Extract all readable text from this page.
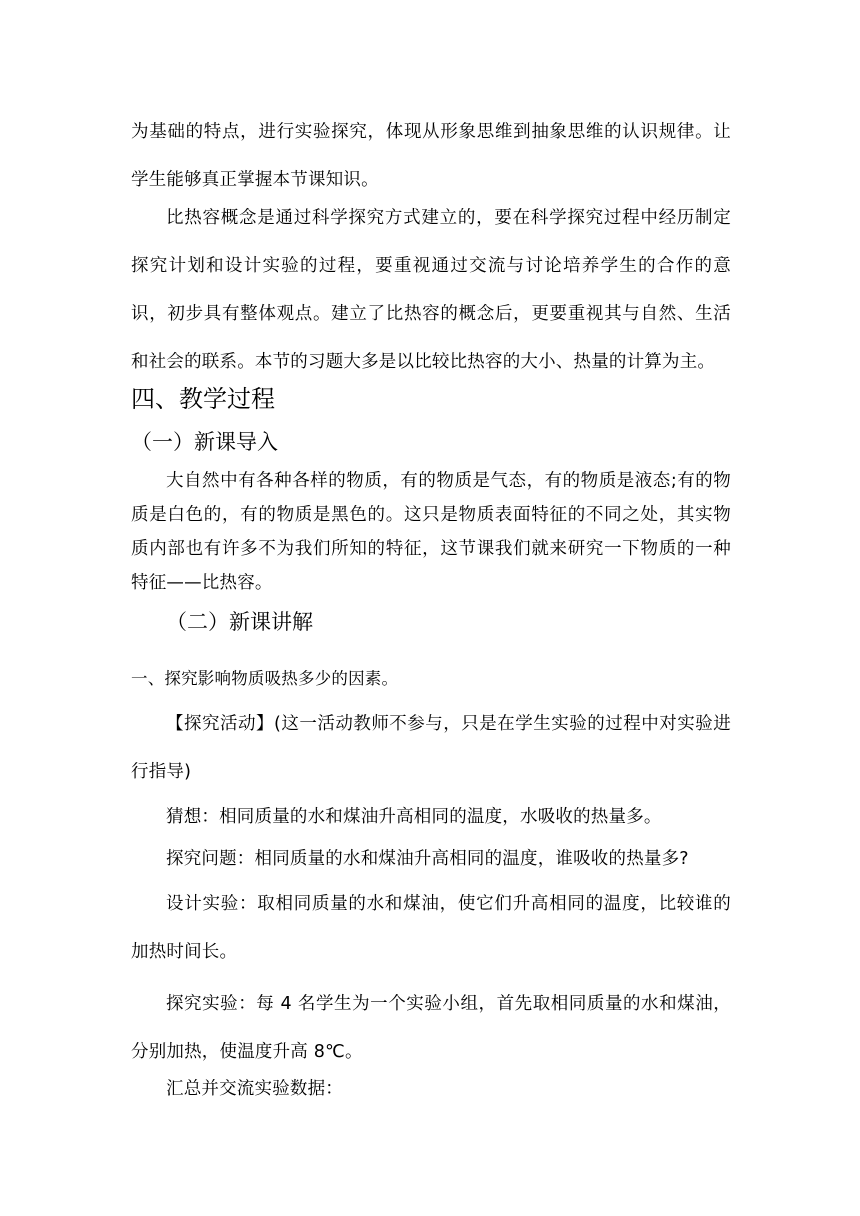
为基础的特点，进行实验探究，体现从形象思维到抽象思维的认识规律。让学生能够真正掌握本节课知识。

比热容概念是通过科学探究方式建立的，要在科学探究过程中经历制定探究计划和设计实验的过程，要重视通过交流与讨论培养学生的合作的意识，初步具有整体观点。建立了比热容的概念后，更要重视其与自然、生活和社会的联系。本节的习题大多是以比较比热容的大小、热量的计算为主。

四、教学过程
（一）新课导入

大自然中有各种各样的物质，有的物质是气态，有的物质是液态;有的物质是白色的，有的物质是黑色的。这只是物质表面特征的不同之处，其实物质内部也有许多不为我们所知的特征，这节课我们就来研究一下物质的一种特征——比热容。

（二）新课讲解

一、探究影响物质吸热多少的因素。

【探究活动】(这一活动教师不参与，只是在学生实验的过程中对实验进行指导)

猜想：相同质量的水和煤油升高相同的温度，水吸收的热量多。

探究问题：相同质量的水和煤油升高相同的温度，谁吸收的热量多?

设计实验：取相同质量的水和煤油，使它们升高相同的温度，比较谁的加热时间长。

探究实验：每 4 名学生为一个实验小组，首先取相同质量的水和煤油，分别加热，使温度升高 8℃。

汇总并交流实验数据：
